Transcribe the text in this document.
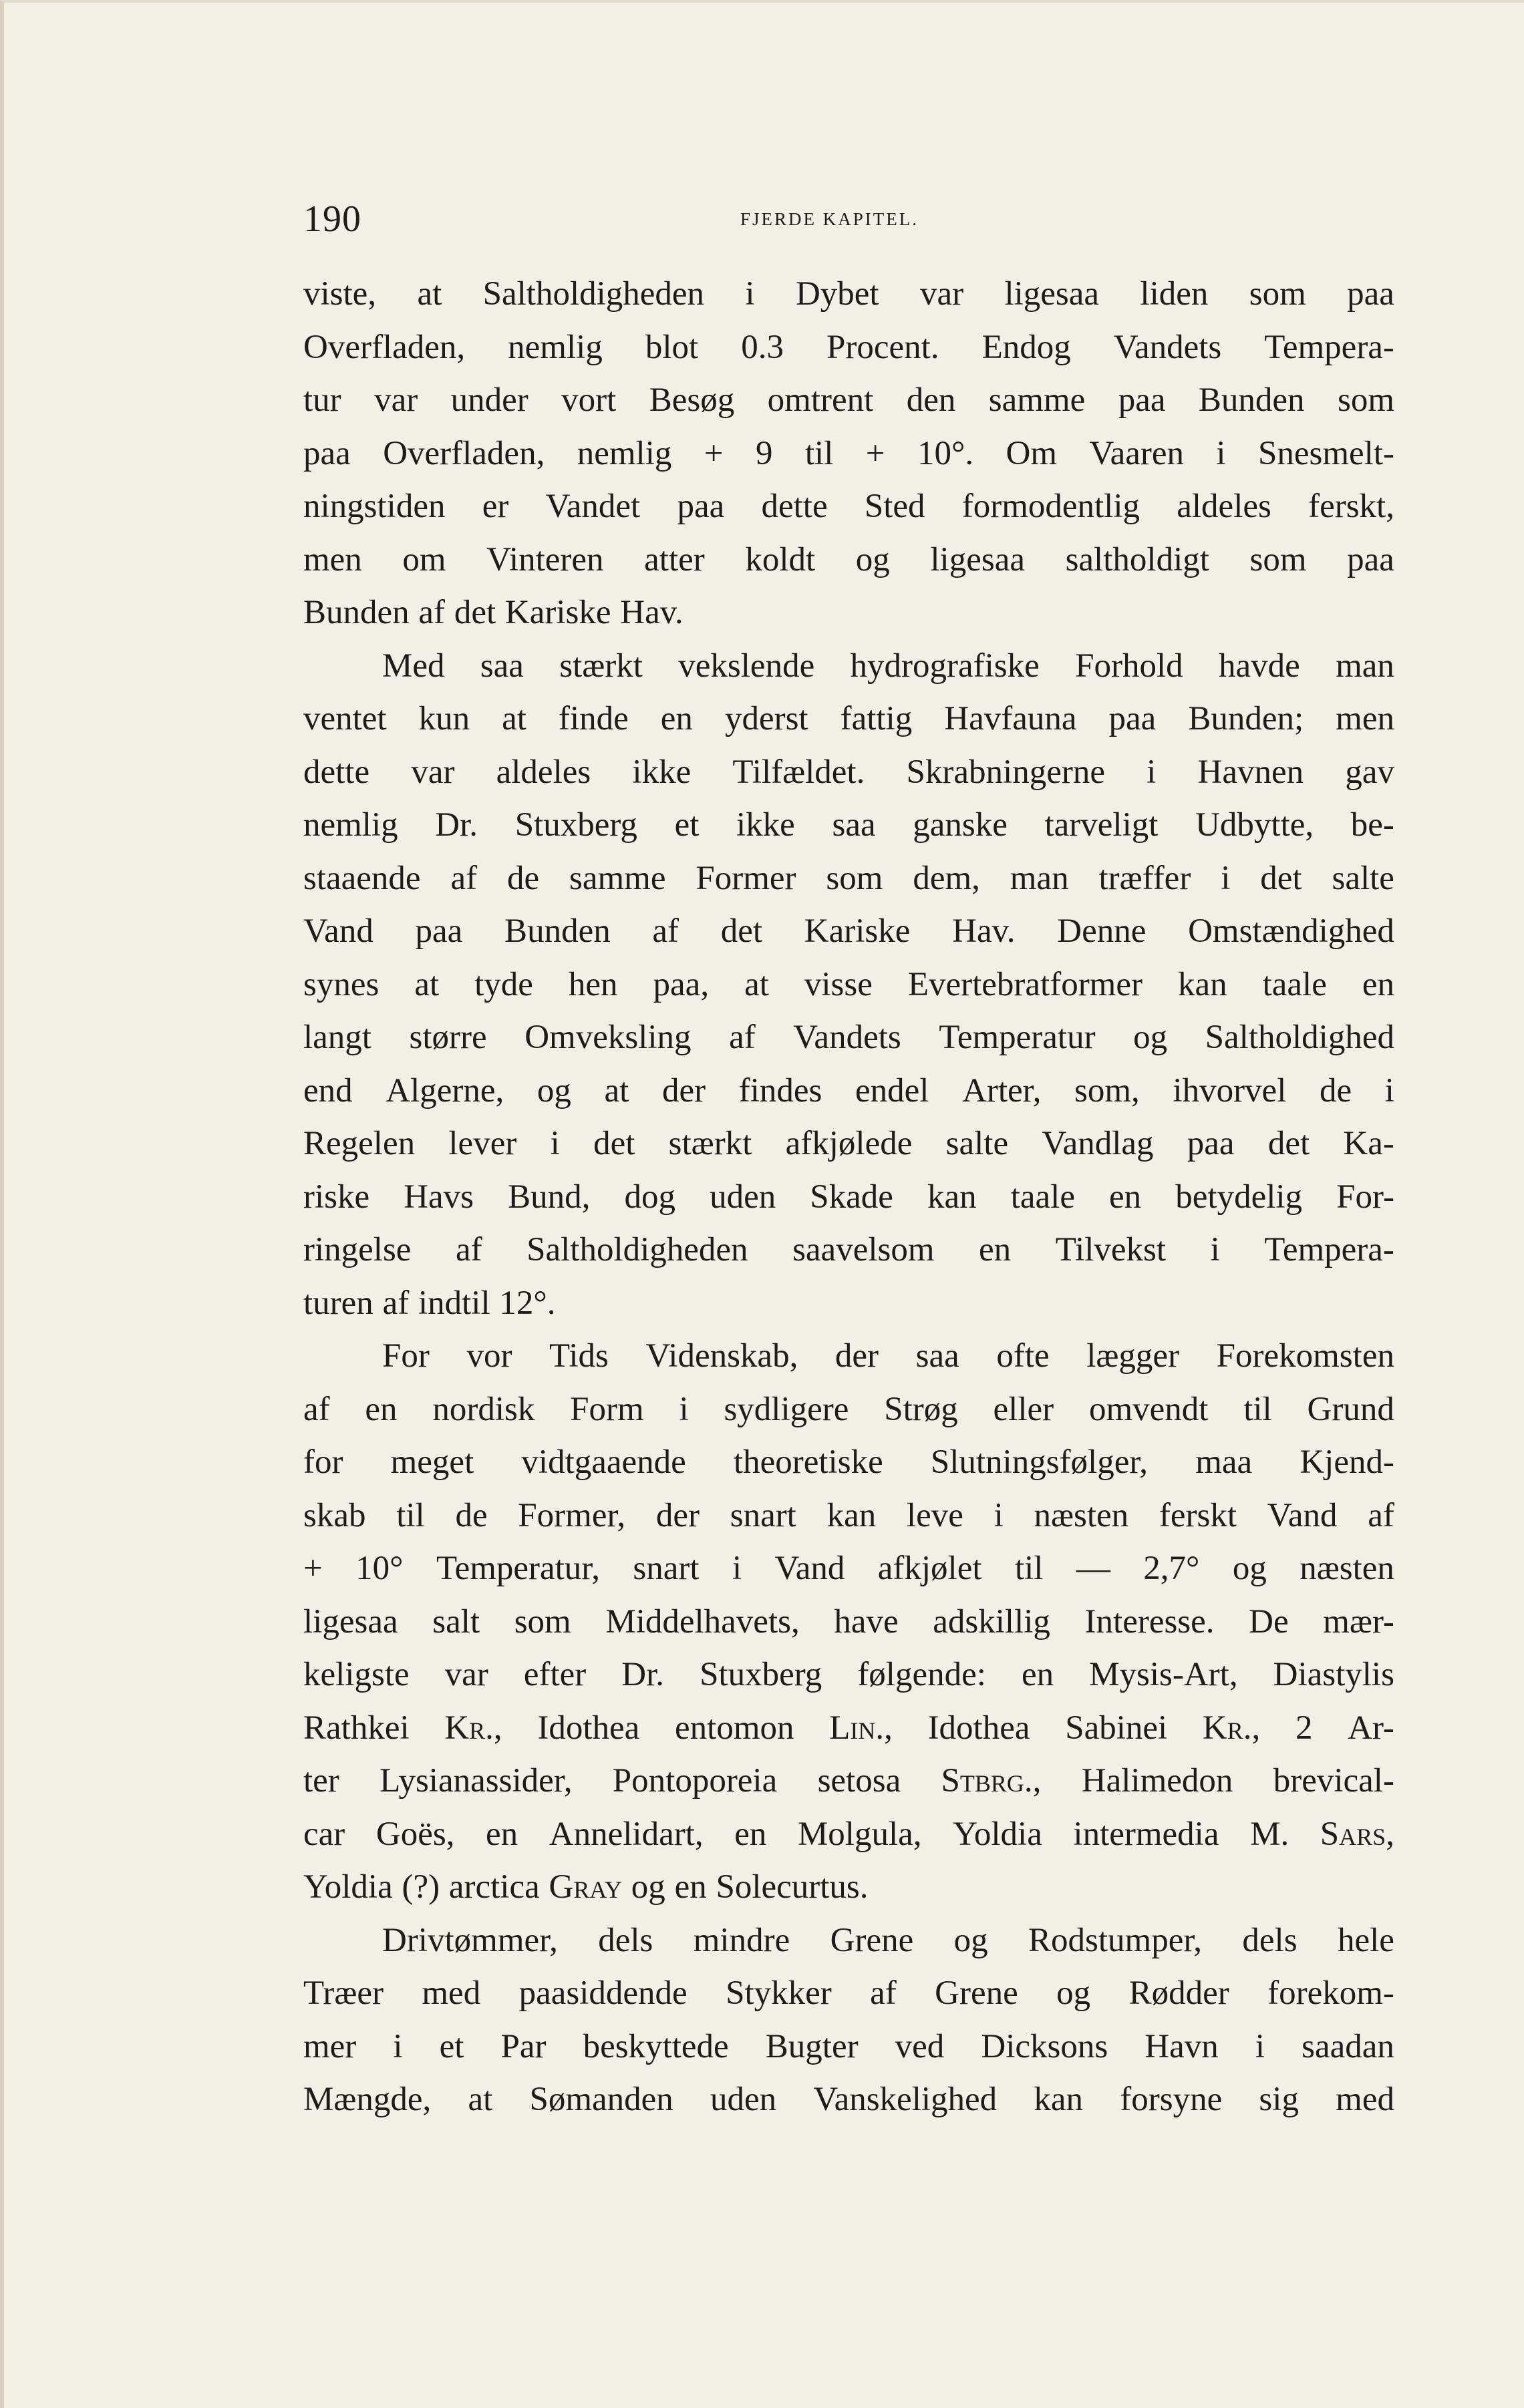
190	FJERDE KAPITEL.
viste, at Saltholdigheden i Dybet var ligesaa liden som paa
Overfladen, nemlig blot 0.3 Procent. Endog Vandets Tempera-
tur var under vort Besøg omtrent den samme paa Bunden som
paa Overfladen, nemlig + 9 til + 10°. Om Vaaren i Snesmelt-
ningstiden er Vandet paa dette Sted formodentlig aldeles ferskt,
men om Vinteren atter koldt og ligesaa saltholdigt som paa
Bunden af det Kariske Hav.
Med saa stærkt vekslende hydrografiske Forhold havde man
ventet kun at finde en yderst fattig Havfauna paa Bunden; men
dette var aldeles ikke Tilfældet. Skrabningerne i Havnen gav
nemlig Dr. Stuxberg et ikke saa ganske tarveligt Udbytte, be-
staaende af de samme Former som dem, man træffer i det salte
Vand paa Bunden af det Kariske Hav. Denne Omstændighed
synes at tyde hen paa, at visse Evertebratformer kan taale en
langt større Omveksling af Vandets Temperatur og Saltholdighed
end Algerne, og at der findes endel Arter, som, ihvorvel de i
Regelen lever i det stærkt afkjølede salte Vandlag paa det Ka-
riske Havs Bund, dog uden Skade kan taale en betydelig For-
ringelse af Saltholdigheden saavelsom en Tilvekst i Tempera-
turen af indtil 12°.
For vor Tids Videnskab, der saa ofte lægger Forekomsten
af en nordisk Form i sydligere Strøg eller omvendt til Grund
for meget vidtgaaende theoretiske Slutningsfølger, maa Kjend-
skab til de Former, der snart kan leve i næsten ferskt Vand af
+ 10° Temperatur, snart i Vand afkjølet til — 2,7° og næsten
ligesaa salt som Middelhavets, have adskillig Interesse. De mær-
keligste var efter Dr. Stuxberg følgende: en Mysis-Art, Diastylis
Rathkei Kr., Idothea entomon Lin., Idothea Sabinei Kr., 2 Ar-
ter Lysianassider, Pontoporeia setosa Stbrg., Halimedon brevical-
car Goës, en Annelidart, en Molgula, Yoldia intermedia M. Sars,
Yoldia (?) arctica Gray og en Solecurtus.
Drivtømmer, dels mindre Grene og Rodstumper, dels hele
Træer med paasiddende Stykker af Grene og Rødder forekom-
mer i et Par beskyttede Bugter ved Dicksons Havn i saadan
Mængde, at Sømanden uden Vanskelighed kan forsyne sig med
